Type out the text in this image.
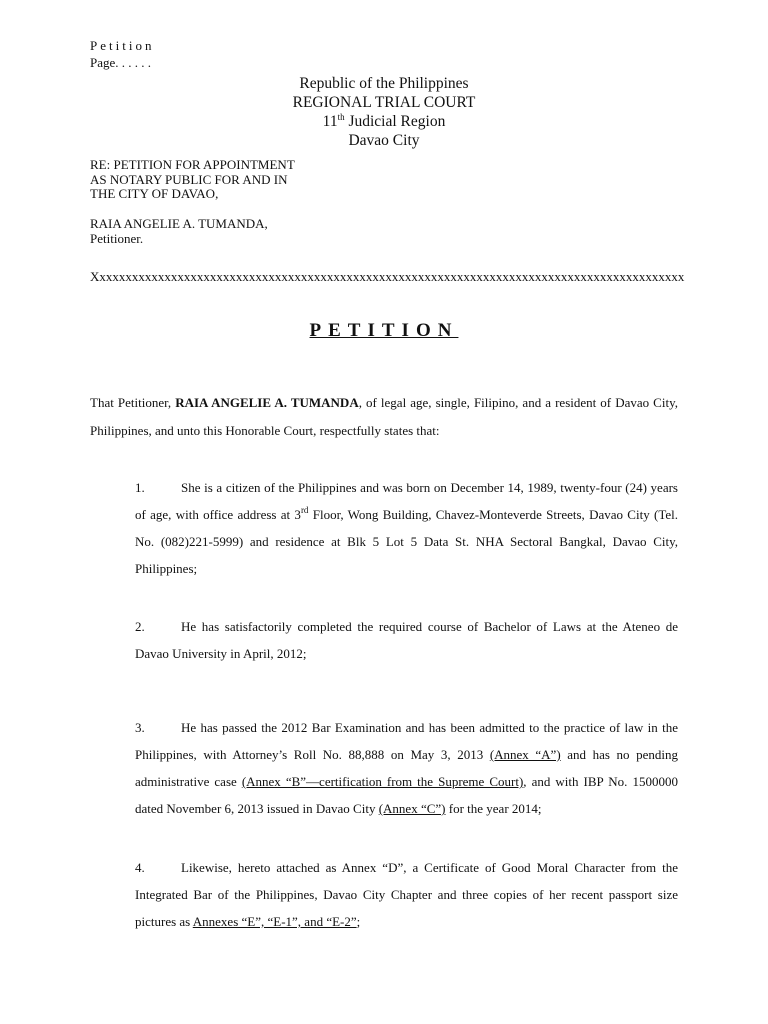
Petition
Page. . . . . .
Republic of the Philippines
REGIONAL TRIAL COURT
11th Judicial Region
Davao City
RE: PETITION FOR APPOINTMENT
AS NOTARY PUBLIC FOR AND IN
THE CITY OF DAVAO,
RAIA ANGELIE A. TUMANDA,
Petitioner.
Xxxxxxxxxxxxxxxxxxxxxxxxxxxxxxxxxxxxxxxxxxxxxxxxxxxxxxxxxxxxxxxxxxxxxxxxxxxxxxxxxxxxxxxxxxx
PETITION
That Petitioner, RAIA ANGELIE A. TUMANDA, of legal age, single, Filipino, and a resident of Davao City, Philippines, and unto this Honorable Court, respectfully states that:
1.	She is a citizen of the Philippines and was born on December 14, 1989, twenty-four (24) years of age, with office address at 3rd Floor, Wong Building, Chavez-Monteverde Streets, Davao City (Tel. No. (082)221-5999) and residence at Blk 5 Lot 5 Data St. NHA Sectoral Bangkal, Davao City, Philippines;
2.	He has satisfactorily completed the required course of Bachelor of Laws at the Ateneo de Davao University in April, 2012;
3.	He has passed the 2012 Bar Examination and has been admitted to the practice of law in the Philippines, with Attorney’s Roll No. 88,888 on May 3, 2013 (Annex “A”) and has no pending administrative case (Annex “B”—certification from the Supreme Court), and with IBP No. 1500000 dated November 6, 2013 issued in Davao City (Annex “C”) for the year 2014;
4.	Likewise, hereto attached as Annex “D”, a Certificate of Good Moral Character from the Integrated Bar of the Philippines, Davao City Chapter and three copies of her recent passport size pictures as Annexes “E”, “E-1”, and “E-2”;
